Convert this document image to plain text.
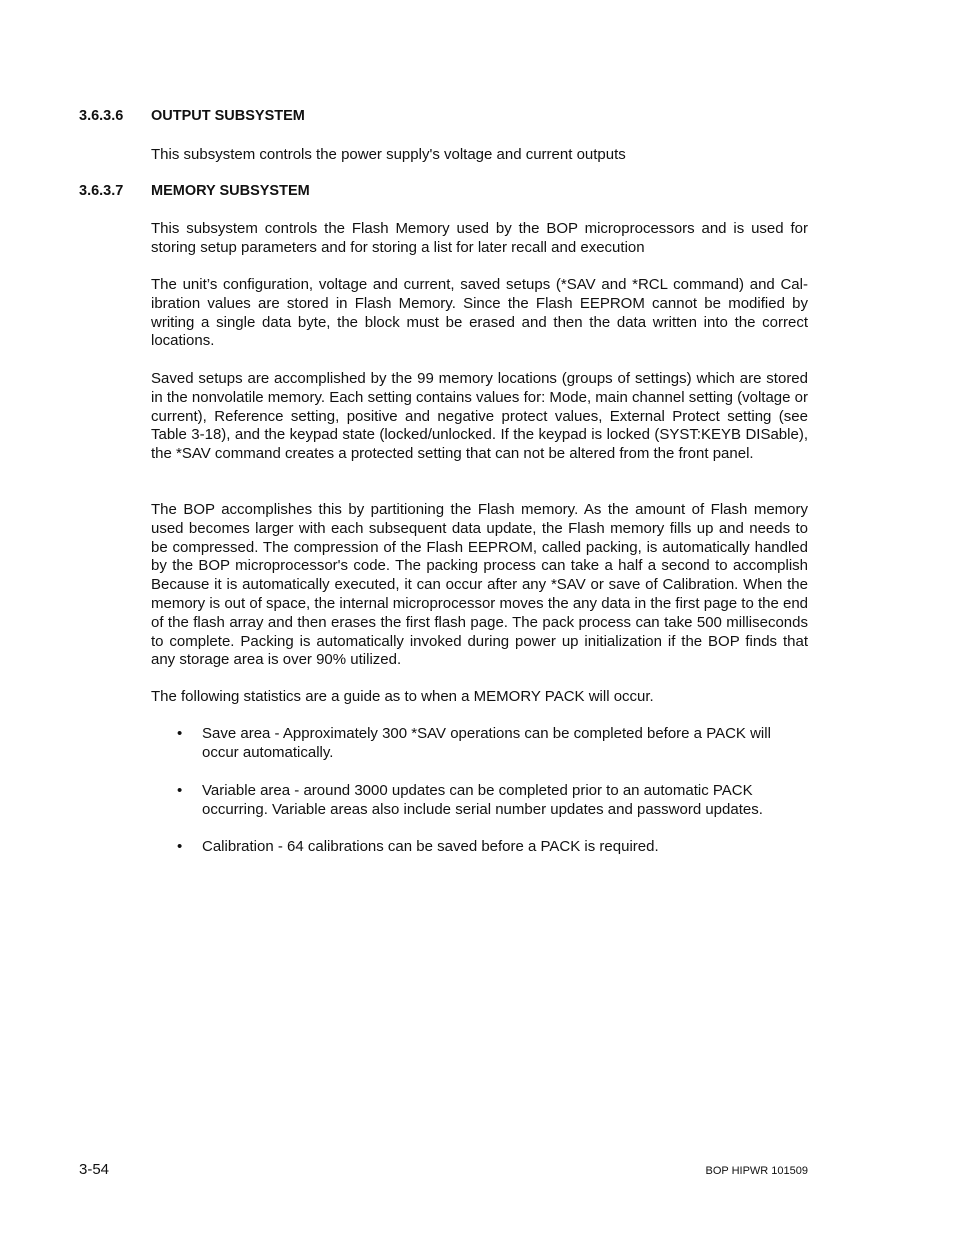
3.6.3.6 OUTPUT SUBSYSTEM

This subsystem controls the power supply's voltage and current outputs

3.6.3.7 MEMORY SUBSYSTEM

This subsystem controls the Flash Memory used by the BOP microprocessors and is used for storing setup parameters and for storing a list for later recall and execution

The unit’s configuration, voltage and current, saved setups (*SAV and *RCL command) and Calibration values are stored in Flash Memory. Since the Flash EEPROM cannot be modified by writing a single data byte, the block must be erased and then the data written into the correct locations.

Saved setups are accomplished by the 99 memory locations (groups of settings) which are stored in the nonvolatile memory. Each setting contains values for: Mode, main channel setting (voltage or current), Reference setting, positive and negative protect values, External Protect setting (see Table 3-18), and the keypad state (locked/unlocked. If the keypad is locked (SYST:KEYB DISable), the *SAV command creates a protected setting that can not be altered from the front panel.

The BOP accomplishes this by partitioning the Flash memory. As the amount of Flash memory used becomes larger with each subsequent data update, the Flash memory fills up and needs to be compressed. The compression of the Flash EEPROM, called packing, is automatically handled by the BOP microprocessor's code. The packing process can take a half a second to accomplish Because it is automatically executed, it can occur after any *SAV or save of Calibration. When the memory is out of space, the internal microprocessor moves the any data in the first page to the end of the flash array and then erases the first flash page. The pack process can take 500 milliseconds to complete. Packing is automatically invoked during power up initialization if the BOP finds that any storage area is over 90% utilized.

The following statistics are a guide as to when a MEMORY PACK will occur.

• Save area - Approximately 300 *SAV operations can be completed before a PACK will occur automatically.
• Variable area - around 3000 updates can be completed prior to an automatic PACK occurring. Variable areas also include serial number updates and password updates.
• Calibration - 64 calibrations can be saved before a PACK is required.
3-54	BOP HIPWR 101509
